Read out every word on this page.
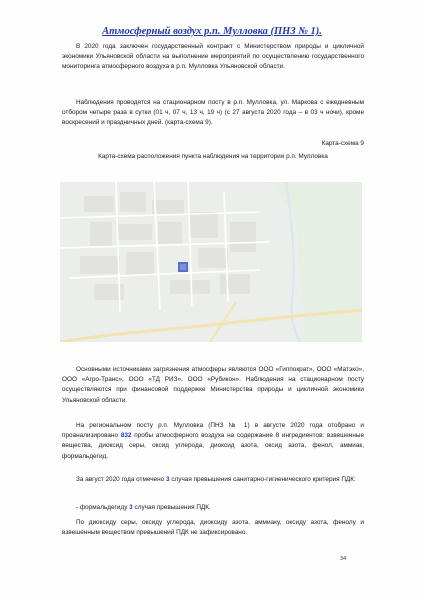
Атмосферный воздух р.п. Мулловка (ПНЗ № 1).
В 2020 года заключен государственный контракт с Министерством природы и цикличной экономики Ульяновской области на выполнение мероприятий по осуществлению государственного мониторинга атмосферного воздуха в р.п. Мулловка Ульяновской области.
Наблюдения проводятся на стационарном посту в р.п. Мулловка, ул. Маркова с ежедневным отбором четыре раза в сутки (01 ч, 07 ч, 13 ч, 19 ч) (с 27 августа 2020 года – в 03 ч ночи), кроме воскресений и праздничных дней. (карта-схема 9).
Карта-схема 9
Карта-схема расположения пункта наблюдения на территории р.п. Мулловка
Основными источниками загрязнения атмосферы являются ООО «Гиппократ», ООО «Матэко», ООО «Агро-Транс», ООО «ТД РИЗ», ООО «Рубикон». Наблюдения на стационарном посту осуществляются при финансовой поддержке Министерства природы и цикличной экономики Ульяновской области.
На региональном посту р.п. Мулловка (ПНЗ № 1) в августе 2020 года отобрано и проанализировано 832 пробы атмосферного воздуха на содержание 8 ингредиентов: взвешенные вещества, диоксид серы, оксид углерода, диоксид азота, оксид азота, фенол, аммиак, формальдегид.
За август 2020 года отмечено 3 случая превышения санитарно-гигиенического критерия ПДК:
- формальдегиду 3 случая превышения ПДК.
По диоксиду серы, оксиду углерода, диоксиду азота, аммиаку, оксиду азота, фенолу и взвешенным веществом превышений ПДК не зафиксировано.
34
